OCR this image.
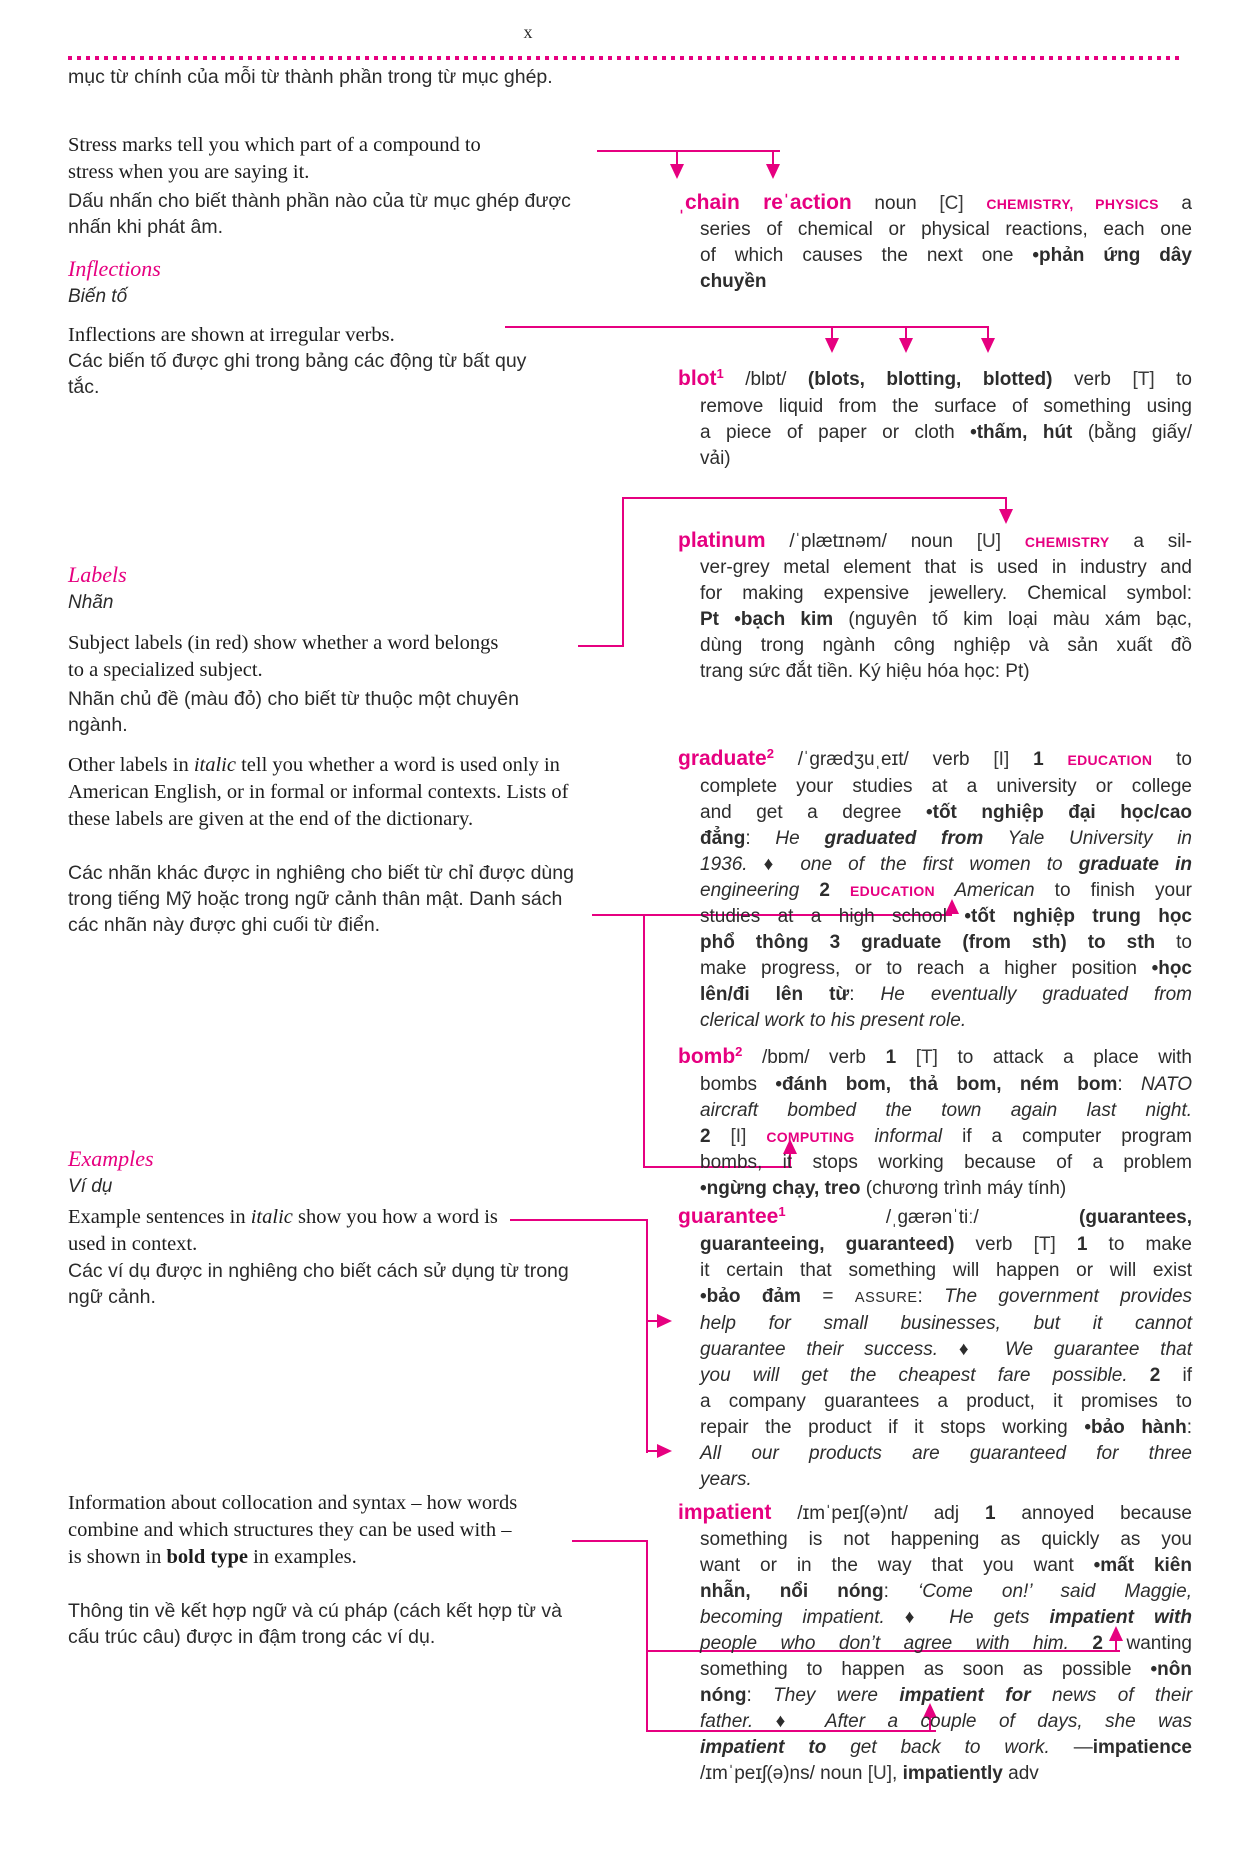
x
mục từ chính của mỗi từ thành phần trong từ mục ghép.
Stress marks tell you which part of a compound to stress when you are saying it.
Dấu nhấn cho biết thành phần nào của từ mục ghép được nhấn khi phát âm.
Inflections
Biến tố
Inflections are shown at irregular verbs.
Các biến tố được ghi trong bảng các động từ bất quy tắc.
Labels
Nhãn
Subject labels (in red) show whether a word belongs to a specialized subject.
Nhãn chủ đề (màu đỏ) cho biết từ thuộc một chuyên ngành.
Other labels in italic tell you whether a word is used only in American English, or in formal or informal contexts. Lists of these labels are given at the end of the dictionary.
Các nhãn khác được in nghiêng cho biết từ chỉ được dùng trong tiếng Mỹ hoặc trong ngữ cảnh thân mật. Danh sách các nhãn này được ghi cuối từ điển.
Examples
Ví dụ
Example sentences in italic show you how a word is used in context.
Các ví dụ được in nghiêng cho biết cách sử dụng từ trong ngữ cảnh.
Information about collocation and syntax – how words combine and which structures they can be used with – is shown in bold type in examples.
Thông tin về kết hợp ngữ và cú pháp (cách kết hợp từ và cấu trúc câu) được in đậm trong các ví dụ.
ˌchain reˈaction noun [C] CHEMISTRY, PHYSICS a
series of chemical or physical reactions, each one
of which causes the next one •phản ứng dây
chuyền
blot$^1$ /blɒt/ (blots, blotting, blotted) verb [T] to
remove liquid from the surface of something using
a piece of paper or cloth •thấm, hút (bằng giấy/
vải)
platinum /ˈplætɪnəm/ noun [U] CHEMISTRY a sil-
ver-grey metal element that is used in industry and
for making expensive jewellery. Chemical symbol:
Pt •bạch kim (nguyên tố kim loại màu xám bạc,
dùng trong ngành công nghiệp và sản xuất đồ
trang sức đắt tiền. Ký hiệu hóa học: Pt)
graduate$^2$ /ˈgrædʒuˌeɪt/ verb [I] 1 EDUCATION to
complete your studies at a university or college
and get a degree •tốt nghiệp đại học/cao
đẳng: He graduated from Yale University in
1936. ♦ one of the first women to graduate in
engineering 2 EDUCATION American to finish your
studies at a high school •tốt nghiệp trung học
phổ thông 3 graduate (from sth) to sth to
make progress, or to reach a higher position •học
lên/đi lên từ: He eventually graduated from
clerical work to his present role.
bomb$^2$ /bɒm/ verb 1 [T] to attack a place with
bombs •đánh bom, thả bom, ném bom: NATO
aircraft bombed the town again last night.
2 [I] COMPUTING informal if a computer program
bombs, it stops working because of a problem
•ngừng chạy, treo (chương trình máy tính)
guarantee$^1$ /ˌgærənˈtiː/ (guarantees,
guaranteeing, guaranteed) verb [T] 1 to make
it certain that something will happen or will exist
•bảo đảm = ASSURE: The government provides
help for small businesses, but it cannot
guarantee their success. ♦ We guarantee that
you will get the cheapest fare possible. 2 if
a company guarantees a product, it promises to
repair the product if it stops working •bảo hành:
All our products are guaranteed for three
years.
impatient /ɪmˈpeɪʃ(ə)nt/ adj 1 annoyed because
something is not happening as quickly as you
want or in the way that you want •mất kiên
nhẫn, nổi nóng: ‘Come on!’ said Maggie,
becoming impatient. ♦ He gets impatient with
people who don’t agree with him. 2 wanting
something to happen as soon as possible •nôn
nóng: They were impatient for news of their
father. ♦ After a couple of days, she was
impatient to get back to work. —impatience
/ɪmˈpeɪʃ(ə)ns/ noun [U], impatiently adv
